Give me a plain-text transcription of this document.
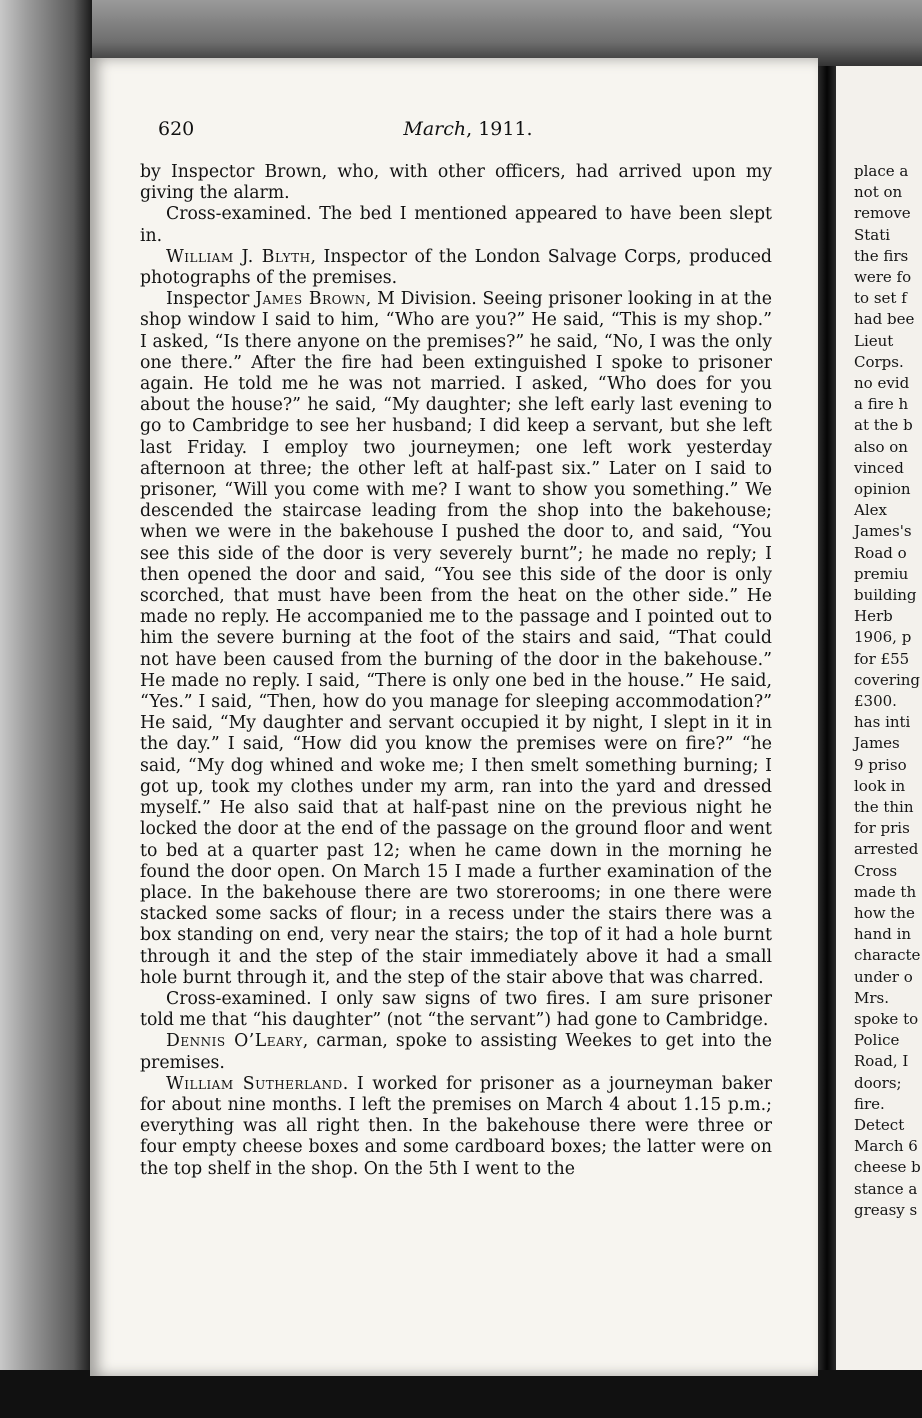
place a
not on
remove
Stati
the firs
were fo
to set f
had bee
Lieut
Corps.
no evid
a fire h
at the b
also on
vinced
opinion
Alex
James's
Road o
premiu
building
Herb
1906, p
for £55
covering
£300.
has inti
James
9 priso
look in
the thin
for pris
arrested
Cross
made th
how the
hand in
characte
under o
Mrs.
spoke to
Police
Road, I
doors;
fire.
Detect
March 6
cheese b
stance a
greasy s
620	March, 1911.

by Inspector Brown, who, with other officers, had arrived upon my giving the alarm.

Cross-examined. The bed I mentioned appeared to have been slept in.

William J. Blyth, Inspector of the London Salvage Corps, produced photographs of the premises.

Inspector James Brown, M Division. Seeing prisoner looking in at the shop window I said to him, “Who are you?” He said, “This is my shop.” I asked, “Is there anyone on the premises?” he said, “No, I was the only one there.” After the fire had been extinguished I spoke to prisoner again. He told me he was not married. I asked, “Who does for you about the house?” he said, “My daughter; she left early last evening to go to Cambridge to see her husband; I did keep a servant, but she left last Friday. I employ two journeymen; one left work yesterday afternoon at three; the other left at half-past six.” Later on I said to prisoner, “Will you come with me? I want to show you something.” We descended the staircase leading from the shop into the bakehouse; when we were in the bakehouse I pushed the door to, and said, “You see this side of the door is very severely burnt”; he made no reply; I then opened the door and said, “You see this side of the door is only scorched, that must have been from the heat on the other side.” He made no reply. He accompanied me to the passage and I pointed out to him the severe burning at the foot of the stairs and said, “That could not have been caused from the burning of the door in the bakehouse.” He made no reply. I said, “There is only one bed in the house.” He said, “Yes.” I said, “Then, how do you manage for sleeping accommodation?” He said, “My daughter and servant occupied it by night, I slept in it in the day.” I said, “How did you know the premises were on fire?” “he said, “My dog whined and woke me; I then smelt something burning; I got up, took my clothes under my arm, ran into the yard and dressed myself.” He also said that at half-past nine on the previous night he locked the door at the end of the passage on the ground floor and went to bed at a quarter past 12; when he came down in the morning he found the door open. On March 15 I made a further examination of the place. In the bakehouse there are two storerooms; in one there were stacked some sacks of flour; in a recess under the stairs there was a box standing on end, very near the stairs; the top of it had a hole burnt through it and the step of the stair immediately above it had a small hole burnt through it, and the step of the stair above that was charred.

Cross-examined. I only saw signs of two fires. I am sure prisoner told me that “his daughter” (not “the servant”) had gone to Cambridge.

Dennis O’Leary, carman, spoke to assisting Weekes to get into the premises.

William Sutherland. I worked for prisoner as a journeyman baker for about nine months. I left the premises on March 4 about 1.15 p.m.; everything was all right then. In the bakehouse there were three or four empty cheese boxes and some cardboard boxes; the latter were on the top shelf in the shop. On the 5th I went to the
